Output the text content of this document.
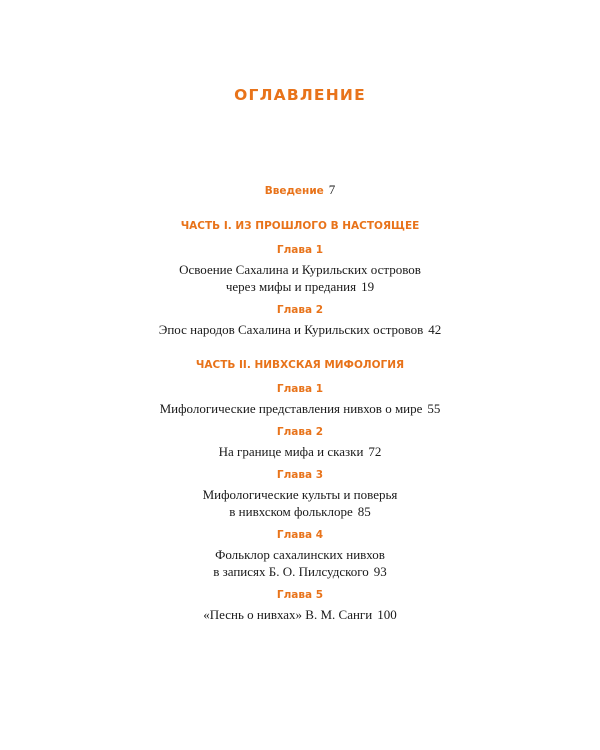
ОГЛАВЛЕНИЕ
Введение 7
ЧАСТЬ I. ИЗ ПРОШЛОГО В НАСТОЯЩЕЕ
Глава 1
Освоение Сахалина и Курильских островов
через мифы и предания 19
Глава 2
Эпос народов Сахалина и Курильских островов 42
ЧАСТЬ II. НИВХСКАЯ МИФОЛОГИЯ
Глава 1
Мифологические представления нивхов о мире 55
Глава 2
На границе мифа и сказки 72
Глава 3
Мифологические культы и поверья
в нивхском фольклоре 85
Глава 4
Фольклор сахалинских нивхов
в записях Б. О. Пилсудского 93
Глава 5
«Песнь о нивхах» В. М. Санги 100
